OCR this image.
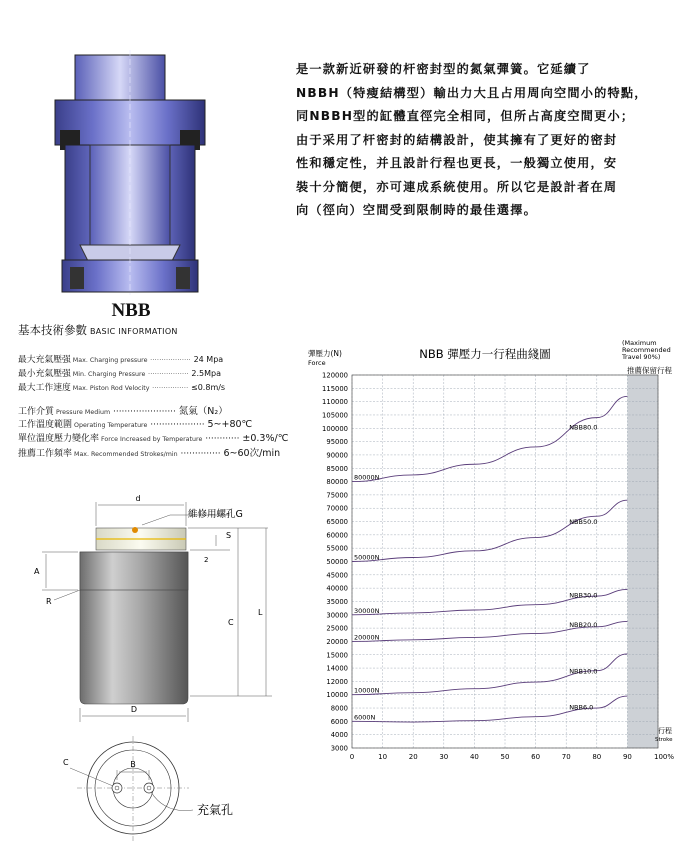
NBB
基本技術參數 BASIC INFORMATION
是一款新近研發的杆密封型的氮氣彈簧。它延續了
NBBH（特瘦結構型）輸出力大且占用周向空間小的特點，
同NBBH型的缸體直徑完全相同，但所占高度空間更小；
由于采用了杆密封的結構設計，使其擁有了更好的密封
性和穩定性，并且設計行程也更長，一般獨立使用，安
裝十分簡便，亦可連成系統使用。所以它是設計者在周
向（徑向）空間受到限制時的最佳選擇。
最大充氣壓强 Max. Charging pressure ·················· 24 Mpa
最小充氣壓强 Min. Charging Pressure ·················· 2.5Mpa
最大工作速度 Max. Piston Rod Velocity ················ ≤0.8m/s
工作介質 Pressure Medium ······················ 氮氣（N₂）
工作溫度範圍 Operating Temperature ··················· 5~+80℃
單位溫度壓力變化率 Force Increased by Temperature ············ ±0.3%/℃
推薦工作頻率 Max. Recommended Strokes/min ·············· 6~60次/min
d
維修用螺孔G
S
2
C
L
A
R
D
B
C
充氣孔
NBB 彈壓力一行程曲綫圖
彈壓力(N)
Force
(Maximum Recommended Travel 90%)
推薦保留行程
120000
115000
110000
105000
100000
95000
90000
85000
80000
75000
70000
65000
60000
55000
50000
45000
40000
35000
30000
25000
20000
15000
14000
12000
10000
8000
6000
4000
3000
0	10	20	30	40	50	60	70	80	90	100%
80000N
NBB80.0
50000N
NBB50.0
30000N
NBB30.0
20000N
NBB20.0
10000N
NBB10.0
6000N
NBB6.0
行程
Stroke
